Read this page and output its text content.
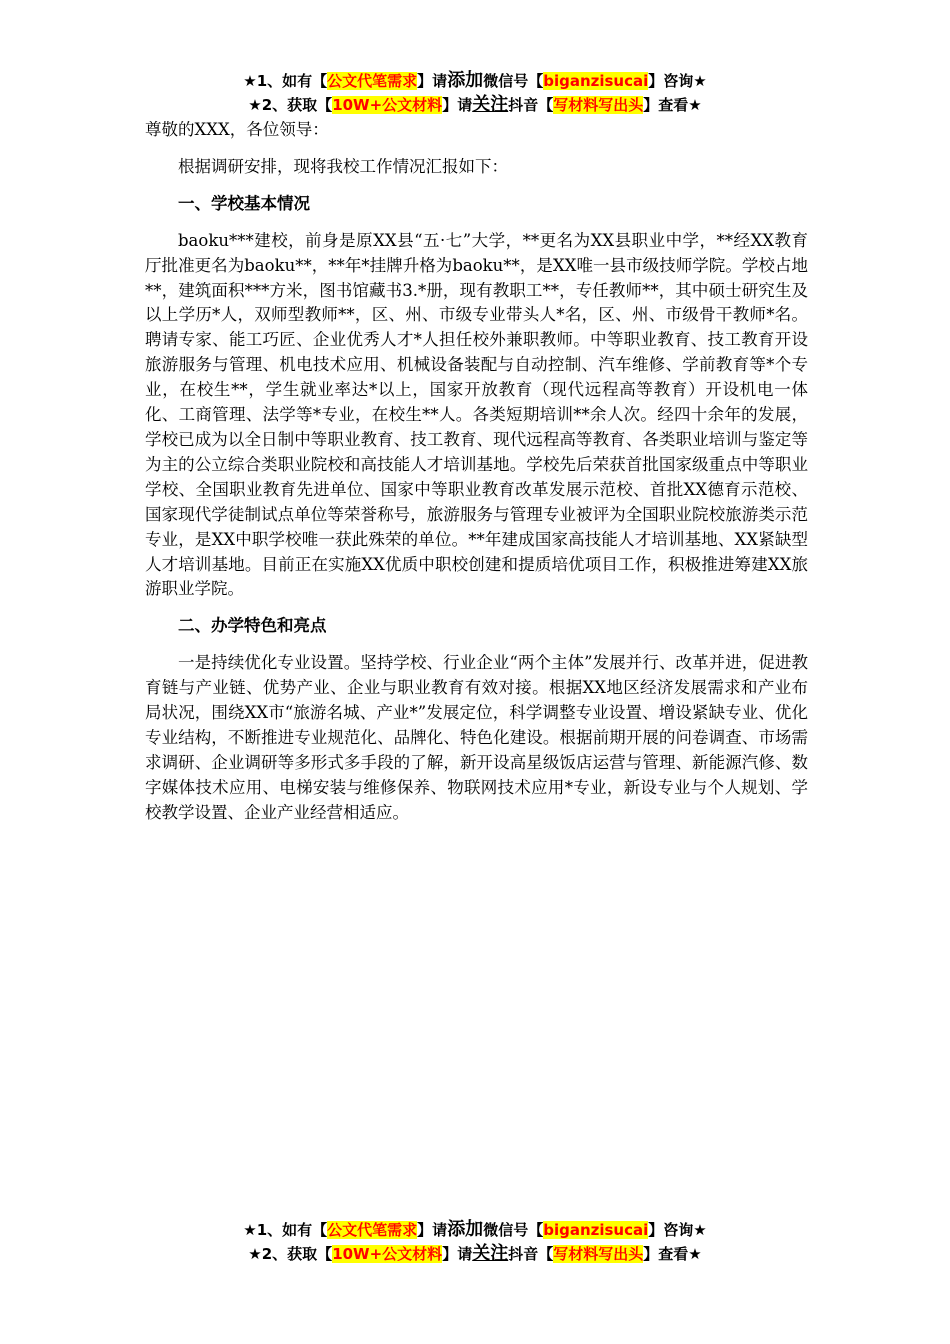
★1、如有【公文代笔需求】请添加微信号【biganzisucai】咨询★
★2、获取【10W+公文材料】请关注抖音【写材料写出头】查看★

尊敬的XXX，各位领导：

根据调研安排，现将我校工作情况汇报如下：

一、学校基本情况

baoku***建校，前身是原XX县“五·七”大学，**更名为XX县职业中学，**经XX教育厅批准更名为baoku**，**年*挂牌升格为baoku**，是XX唯一县市级技师学院。学校占地**，建筑面积***方米，图书馆藏书3.*册，现有教职工**，专任教师**，其中硕士研究生及以上学历*人，双师型教师**，区、州、市级专业带头人*名，区、州、市级骨干教师*名。聘请专家、能工巧匠、企业优秀人才*人担任校外兼职教师。中等职业教育、技工教育开设旅游服务与管理、机电技术应用、机械设备装配与自动控制、汽车维修、学前教育等*个专业，在校生**，学生就业率达*以上，国家开放教育（现代远程高等教育）开设机电一体化、工商管理、法学等*专业，在校生**人。各类短期培训**余人次。经四十余年的发展，学校已成为以全日制中等职业教育、技工教育、现代远程高等教育、各类职业培训与鉴定等为主的公立综合类职业院校和高技能人才培训基地。学校先后荣获首批国家级重点中等职业学校、全国职业教育先进单位、国家中等职业教育改革发展示范校、首批XX德育示范校、国家现代学徒制试点单位等荣誉称号，旅游服务与管理专业被评为全国职业院校旅游类示范专业，是XX中职学校唯一获此殊荣的单位。**年建成国家高技能人才培训基地、XX紧缺型人才培训基地。目前正在实施XX优质中职校创建和提质培优项目工作，积极推进筹建XX旅游职业学院。

二、办学特色和亮点

一是持续优化专业设置。坚持学校、行业企业“两个主体”发展并行、改革并进，促进教育链与产业链、优势产业、企业与职业教育有效对接。根据XX地区经济发展需求和产业布局状况，围绕XX市“旅游名城、产业*”发展定位，科学调整专业设置、增设紧缺专业、优化专业结构，不断推进专业规范化、品牌化、特色化建设。根据前期开展的问卷调查、市场需求调研、企业调研等多形式多手段的了解，新开设高星级饭店运营与管理、新能源汽修、数字媒体技术应用、电梯安装与维修保养、物联网技术应用*专业，新设专业与个人规划、学校教学设置、企业产业经营相适应。

★1、如有【公文代笔需求】请添加微信号【biganzisucai】咨询★
★2、获取【10W+公文材料】请关注抖音【写材料写出头】查看★
